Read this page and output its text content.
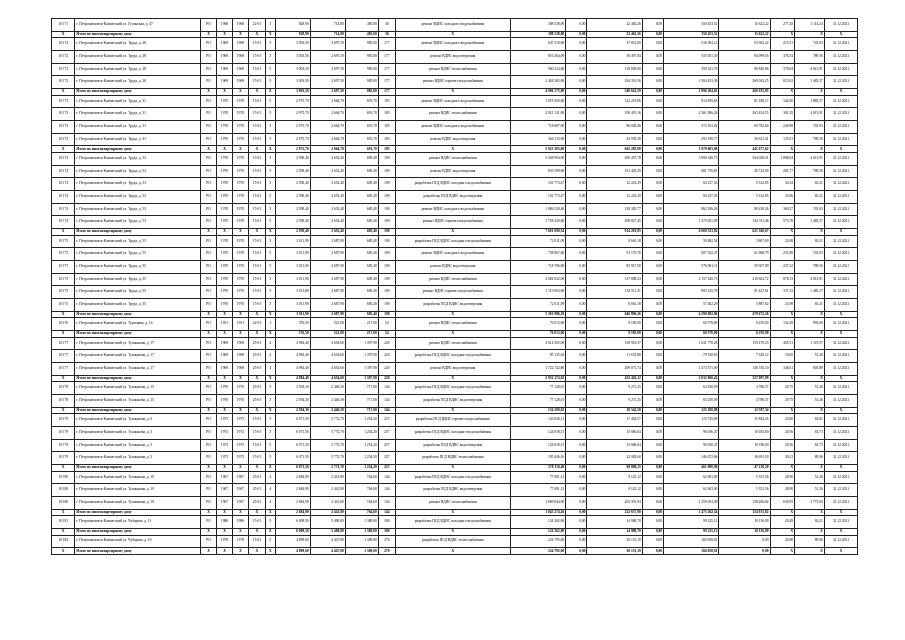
10 171	г. Петропавловск-Камчатский ул. Гусинская, д. 47	РО	1968	1968	22-01	3	828,90	714,80	485,00	36	ремонт ВДИС холодного водоснабжения	388 538,00	0,00	22 462,26	0,00	350 453,52	15 622,22	277,45	1 114,24	31.12.2021
X	Итого по многоквартирному дому	X	X	X	X	X	828,90	714,80	485,00	36	X	388 538,00	0,00	22 462,26	0,00	350 453,52	15 622,22	X	X	X
10 172	г. Петропавловск-Камчатский ул. Труда, д. 28	РО	1969	1969	15-01	5	3 003,50	2 697,50	985,00	177	ремонт ВДИС холодного водоснабжения	647 310,00	0,00	37 831,00	0,00	516 384,12	93 962,22	215,51	743,93	31.12.2021
10 172	г. Петропавловск-Камчатский ул. Труда, д. 28	РО	1969	1969	15-01	5	3 003,50	2 697,50	985,00	177	ремонт ВДИС водоотведения	810 264,00	0,00	50 497,84	0,00	535 051,35	94 099,65	376,54	789,56	31.12.2021
10 172	г. Петропавловск-Камчатский ул. Труда, д. 28	РО	1969	1969	15-01	5	3 003,50	2 697,50	985,00	177	ремонт ВДИС теплоснабжения	960 234,00	0,00	139 058,00	0,00	390 321,70	86 840,86	378,04	4 613,91	31.12.2021
10 172	г. Петропавловск-Камчатский ул. Труда, д. 28	РО	1969	1969	15-01	5	3 003,50	2 697,50	985,00	177	ремонт ВДИС горячего водоснабжения	2 448 382,00	0,00	394 319,56	0,00	1 504 453,30	269 043,25	815,02	1 483,37	31.12.2021
X	Итого по многоквартирному дому	X	X	X	X	X	3 003,50	2 697,50	985,00	177	X	4 906 175,00	0,00	540 641,50	0,00	2 996 204,65	260 181,95	X	X	X
10 173	г. Петропавловск-Камчатский ул. Труда, д. 31	РО	1970	1970	15-01	5	2 975,70	2 664,70	691,70	185	ремонт ВДИС холодного водоснабжения	1 019 450,00	0,00	122 219,86	0,00	814 659,65	81 180,17	342,60	1 883,37	31.12.2021
10 173	г. Петропавловск-Камчатский ул. Труда, д. 31	РО	1970	1970	15-01	5	2 975,70	2 664,70	691,70	185	ремонт ВДИС теплоснабжения	2 921 131,00	0,00	350 419,16	0,00	2 361 086,26	263 434,55	381,35	4 613,91	31.12.2021
10 173	г. Петропавловск-Камчатский ул. Труда, д. 31	РО	1970	1970	15-01	5	2 975,70	2 664,70	691,70	185	ремонт ВДИС холодного водоснабжения	718 687,00	0,00	86 028,46	0,00	572 163,02	60 782,84	240,98	743,93	31.12.2021
10 173	г. Петропавловск-Камчатский ул. Труда, д. 31	РО	1970	1970	15-01	5	2 975,70	2 664,70	691,70	185	ремонт ВДИС водоотведения	364 115,00	0,00	43 593,38	0,00	292 198,77	30 621,41	125,01	789,56	31.12.2021
X	Итого по многоквартирному дому	X	X	X	X	X	2 975,70	2 664,70	691,70	185	X	5 023 383,00	0,00	602 285,88	0,00	3 979 683,90	441 077,62	X	X	X
10 174	г. Петропавловск-Камчатский ул. Труда, д. 53	РО	1970	1970	15-01	5	2 958,40	2 652,40	685,40	190	ремонт ВДИС теплоснабжения	5 348 994,00	0,00	650 457,78	0,00	3 990 540,73	564 028,51	1 808,04	4 613,91	31.12.2021
10 174	г. Петропавловск-Камчатский ул. Труда, д. 53	РО	1970	1970	15-01	5	2 958,40	2 652,40	685,40	190	ремонт ВДИС водоотведения	833 599,00	0,00	101 429,49	0,00	681 376,81	49 724,90	281,77	789,56	31.12.2021
10 174	г. Петропавловск-Камчатский ул. Труда, д. 53	РО	1970	1970	15-01	5	2 958,40	2 652,40	685,40	190	разработка ПСД ВДИС холодного водоснабжения	101 773,47	0,00	12 223,29	0,00	84 237,33	5 312,85	34,34	65,21	31.12.2021
10 174	г. Петропавловск-Камчатский ул. Труда, д. 53	РО	1970	1970	15-01	5	2 958,40	2 652,40	685,40	190	разработка ПСД ВДИС водоотведения	101 773,47	0,00	12 223,29	0,00	84 237,33	5 312,85	33,96	65,21	31.12.2021
10 174	г. Петропавловск-Камчатский ул. Труда, д. 53	РО	1970	1970	15-01	5	2 958,40	2 652,40	685,40	190	ремонт ВДИС холодного водоснабжения	1 086 230,40	0,00	129 305,77	0,00	862 186,26	88 238,26	360,27	743,93	31.12.2021
10 174	г. Петропавловск-Камчатский ул. Труда, д. 53	РО	1970	1970	15-01	5	2 958,40	2 652,40	685,40	190	ремонт ВДИС горячего водоснабжения	1 728 430,00	0,00	208 827,45	0,00	1 375 051,09	144 311,46	573,78	1 483,37	31.12.2021
X	Итого по многоквартирному дому	X	X	X	X	X	2 958,40	2 652,40	685,40	190	X	7 601 090,34	0,00	914 201,85	0,00	6 069 523,82	621 360,67	X	X	X
10 175	г. Петропавловск-Камчатский ул. Труда, д. 55	РО	1970	1970	15-01	5	3 011,90	2 687,90	685,40	190	разработка ПСД ВДИС холодного водоснабжения	72 011,09	0,00	8 661,18	0,00	59 482,54	3 867,69	23,98	65,21	31.12.2021
10 175	г. Петропавловск-Камчатский ул. Труда, д. 55	РО	1970	1970	15-01	5	3 011,90	2 687,90	685,40	190	ремонт ВДИС холодного водоснабжения	758 867,00	0,00	91 170,78	0,00	607 352,47	61 068,79	251,88	743,93	31.12.2021
10 175	г. Петропавловск-Камчатский ул. Труда, д. 55	РО	1970	1970	15-01	5	3 011,90	2 687,90	685,40	190	ремонт ВДИС водоотведения	718 786,00	0,00	85 917,00	0,00	576 061,11	59 307,89	237,32	789,56	31.12.2021
10 175	г. Петропавловск-Камчатский ул. Труда, д. 55	РО	1970	1970	15-01	5	3 011,90	2 687,90	685,40	190	ремонт ВДИС теплоснабжения	2 684 832,00	0,00	317 808,23	0,00	2 157 420,73	210 602,72	878,13	4 613,91	31.12.2021
10 175	г. Петропавловск-Камчатский ул. Труда, д. 55	РО	1970	1970	15-01	5	3 011,90	2 687,90	685,40	190	ремонт ВДИС горячего водоснабжения	1 119 003,00	0,00	134 511,41	0,00	893 125,78	91 427,61	371,33	1 483,37	31.12.2021
10 175	г. Петропавловск-Камчатский ул. Труда, д. 55	РО	1970	1970	15-01	5	3 011,90	2 687,90	685,40	190	разработка ПСД ВДИС водоотведения	72 011,09	0,00	8 661,18	0,00	57 462,29	5 887,62	23,98	65,21	31.12.2021
X	Итого по многоквартирному дому	X	X	X	X	X	3 011,90	2 687,90	685,40	190	X	5 301 986,18	0,00	646 896,26	0,00	4 290 082,86	479 672,26	X	X	X
10 176	г. Петропавловск-Камчатский ул. Тургенева, д. 16	РО	1951	1951	22-01	1	576,50	521,00	217,00	54	ремонт ВДИС теплоснабжения	76 013,00	0,00	9 185,00	0,00	60 578,00	6 250,00	132,49	993,00	31.12.2021
X	Итого по многоквартирному дому	X	X	X	X	X	576,50	521,00	217,00	54	X	76 013,00	0,00	9 185,00	0,00	60 578,00	6 250,00	X	X	X
10 177	г. Петропавловск-Камчатский ул. Тушканова, д. 17	РО	1969	1969	25-01	4	4 984,40	4 654,60	1 397,90	220	ремонт ВДИС теплоснабжения	2 614 305,00	0,00	158 916,37	0,00	1 631 778,28	159 479,23	465,51	1 119,57	31.12.2021
10 177	г. Петропавловск-Камчатский ул. Тушканова, д. 17	РО	1969	1969	25-01	4	4 984,40	4 654,60	1 397,90	220	разработка ПСД ВДИС холодного водоснабжения	95 135,63	0,00	11 653,88	0,00	79 330,63	7 320,12	19,65	51,26	31.12.2021
10 177	г. Петропавловск-Камчатский ул. Тушканова, д. 17	РО	1969	1969	25-01	4	4 984,40	4 654,60	1 397,90	220	ремонт ВДИС водоотведения	1 722 742,80	0,00	209 071,74	0,00	1 374 571,00	146 745,10	346,61	603,88	31.12.2021
X	Итого по многоквартирному дому	X	X	X	X	X	4 984,40	4 654,60	1 397,90	220	X	2 932 174,02	0,00	432 426,12	0,00	2 032 960,42	327 087,09	X	X	X
10 178	г. Петропавловск-Камчатский ул. Тушканова, д. 15	РО	1970	1970	25-01	5	2 594,30	2 446,50	717,00	144	разработка ПСД ВДИС холодного водоснабжения	77 128,01	0,00	9 271,25	0,00	63 250,59	4 786,37	29,75	51,26	31.12.2021
10 178	г. Петропавловск-Камчатский ул. Тушканова, д. 15	РО	1970	1970	25-01	5	2 594,30	2 446,50	717,00	144	разработка ПСД ВДИС водоотведения	77 128,01	0,00	9 271,25	0,00	63 250,59	4 786,37	29,75	51,26	31.12.2021
X	Итого по многоквартирному дому	X	X	X	X	X	2 594,30	2 446,50	717,00	144	X	154 200,02	0,00	18 542,50	0,00	123 180,88	12 597,34	X	X	X
10 179	г. Петропавловск-Камчатский ул. Тушканова, д. 5	РО	1973	1973	15-01	5	6 071,50	5 772,70	1 254,20	257	разработка ПСД ВДИС горячего водоснабжения	143 026,11	0,00	17 454,57	0,00	115 745,09	11 844,45	23,80	63,81	31.12.2021
10 179	г. Петропавловск-Камчатский ул. Тушканова, д. 5	РО	1973	1973	15-01	5	6 071,50	5 772,70	1 254,20	257	разработка ПСД ВДИС холодного водоснабжения	124 818,51	0,00	15 066,04	0,00	96 036,47	10 183,00	20,56	63,73	31.12.2021
10 179	г. Петропавловск-Камчатский ул. Тушканова, д. 5	РО	1973	1973	15-01	5	6 071,50	5 772,70	1 254,20	257	разработка ПСД ВДИС водоотведения	124 818,51	0,00	15 066,04	0,00	96 030,47	10 196,00	20,56	63,73	31.12.2021
10 179	г. Петропавловск-Камчатский ул. Тушканова, д. 5	РО	1973	1973	15-01	5	6 071,50	5 772,70	1 254,20	257	разработка ПСД ВДИС теплоснабжения	185 446,16	0,00	22 082,60	0,00	146 672,06	16 691,50	30,21	89,96	31.12.2021
X	Итого по многоквартирному дому	X	X	X	X	X	6 071,50	5 772,70	1 254,20	257	X	578 110,40	0,00	69 808,25	0,00	461 008,09	47 218,20	X	X	X
10 180	г. Петропавловск-Камчатский ул. Тушканова, д. 19	РО	1967	1967	25-01	4	2 684,90	2 441,80	764,60	144	разработка ПСД ВДИС холодного водоснабжения	77 081,13	0,00	9 125,12	0,00	62 603,00	5 351,56	28,90	51,26	31.12.2021
10 180	г. Петропавловск-Камчатский ул. Тушканова, д. 19	РО	1967	1967	25-01	4	2 684,90	2 441,80	764,60	144	разработка ПСД ВДИС водоотведения	77 081,13	0,00	9 125,12	0,00	62 603,00	5 351,56	28,90	51,26	31.12.2021
10 180	г. Петропавловск-Камчатский ул. Тушканова, д. 19	РО	1967	1967	25-01	4	2 684,90	2 441,80	764,60	144	ремонт ВДИС теплоснабжения	1 690 844,00	0,00	203 391,94	0,00	1 350 054,39	158 206,82	630,95	3 773,00	31.12.2021
X	Итого по многоквартирному дому	X	X	X	X	X	2 684,90	2 441,80	764,60	144	X	1 845 274,26	0,00	222 637,98	0,00	1 475 262,34	154 913,82	X	X	X
10 181	г. Петропавловск-Камчатский ул. Чубарова, д. 11	РО	1986	1986	15-01	5	6 009,50	5 400,80	1 380,00	300	разработка ПСД ВДИС холодного водоснабжения	124 362,00	0,00	14 980,70	0,00	99 225,12	10 156,99	20,49	63,21	31.12.2021
X	Итого по многоквартирному дому	X	X	X	X	X	6 009,50	5 400,80	1 380,00	300	X	124 362,00	0,00	14 980,70	0,00	99 225,12	10 156,99	X	X	X
10 182	г. Петропавловск-Камчатский ул. Чубарова, д. 10	РО	1978	1978	15-01	5	4 899,60	4 447,80	1 300,00	270	разработка ПСД ВДИС теплоснабжения	224 795,00	0,00	30 151,19	0,00	184 058,81	0,00	45,88	89,96	31.12.2021
X	Итого по многоквартирному дому	X	X	X	X	X	4 899,60	4 447,80	1 300,00	270	X	224 795,00	0,00	30 151,19	0,00	184 058,81	0,00	X	X	X
